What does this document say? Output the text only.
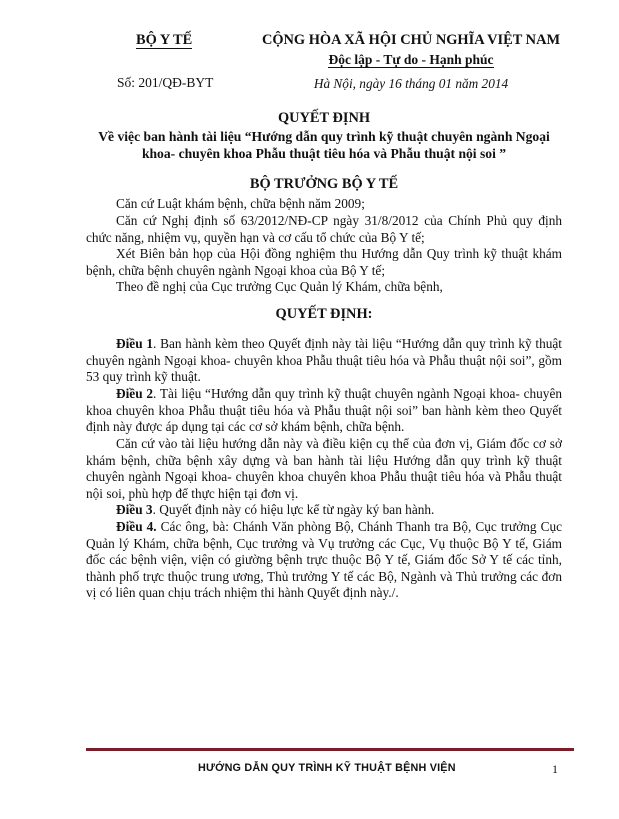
BỘ Y TẾ
Số: 201/QĐ-BYT
CỘNG HÒA XÃ HỘI CHỦ NGHĨA VIỆT NAM
Độc lập - Tự do - Hạnh phúc
Hà Nội, ngày 16 tháng 01 năm 2014
QUYẾT ĐỊNH
Về việc ban hành tài liệu “Hướng dẫn quy trình kỹ thuật chuyên ngành Ngoại
khoa- chuyên khoa Phẫu thuật tiêu hóa và Phẫu thuật nội soi ”
BỘ TRƯỞNG BỘ Y TẾ

Căn cứ Luật khám bệnh, chữa bệnh năm 2009;

Căn cứ Nghị định số 63/2012/NĐ-CP ngày 31/8/2012 của Chính Phủ quy định chức năng, nhiệm vụ, quyền hạn và cơ cấu tổ chức của Bộ Y tế;

Xét Biên bản họp của Hội đồng nghiệm thu Hướng dẫn Quy trình kỹ thuật khám bệnh, chữa bệnh chuyên ngành Ngoại khoa của Bộ Y tế;

Theo đề nghị của Cục trưởng Cục Quản lý Khám, chữa bệnh,

QUYẾT ĐỊNH:

Điều 1. Ban hành kèm theo Quyết định này tài liệu “Hướng dẫn quy trình kỹ thuật chuyên ngành Ngoại khoa- chuyên khoa Phẫu thuật tiêu hóa và Phẫu thuật nội soi”, gồm 53 quy trình kỹ thuật.

Điều 2. Tài liệu “Hướng dẫn quy trình kỹ thuật chuyên ngành Ngoại khoa- chuyên khoa chuyên khoa Phẫu thuật tiêu hóa và Phẫu thuật nội soi” ban hành kèm theo Quyết định này được áp dụng tại các cơ sở khám bệnh, chữa bệnh.

Căn cứ vào tài liệu hướng dẫn này và điều kiện cụ thể của đơn vị, Giám đốc cơ sở khám bệnh, chữa bệnh xây dựng và ban hành tài liệu Hướng dẫn quy trình kỹ thuật chuyên ngành Ngoại khoa- chuyên khoa chuyên khoa Phẫu thuật tiêu hóa và Phẫu thuật nội soi, phù hợp để thực hiện tại đơn vị.

Điều 3. Quyết định này có hiệu lực kể từ ngày ký ban hành.

Điều 4. Các ông, bà: Chánh Văn phòng Bộ, Chánh Thanh tra Bộ, Cục trưởng Cục Quản lý Khám, chữa bệnh, Cục trưởng và Vụ trưởng các Cục, Vụ thuộc Bộ Y tế, Giám đốc các bệnh viện, viện có giường bệnh trực thuộc Bộ Y tế, Giám đốc Sở Y tế các tỉnh, thành phố trực thuộc trung ương, Thủ trưởng Y tế các Bộ, Ngành và Thủ trưởng các đơn vị có liên quan chịu trách nhiệm thi hành Quyết định này./.

HƯỚNG DẪN QUY TRÌNH KỸ THUẬT BỆNH VIỆN	1
